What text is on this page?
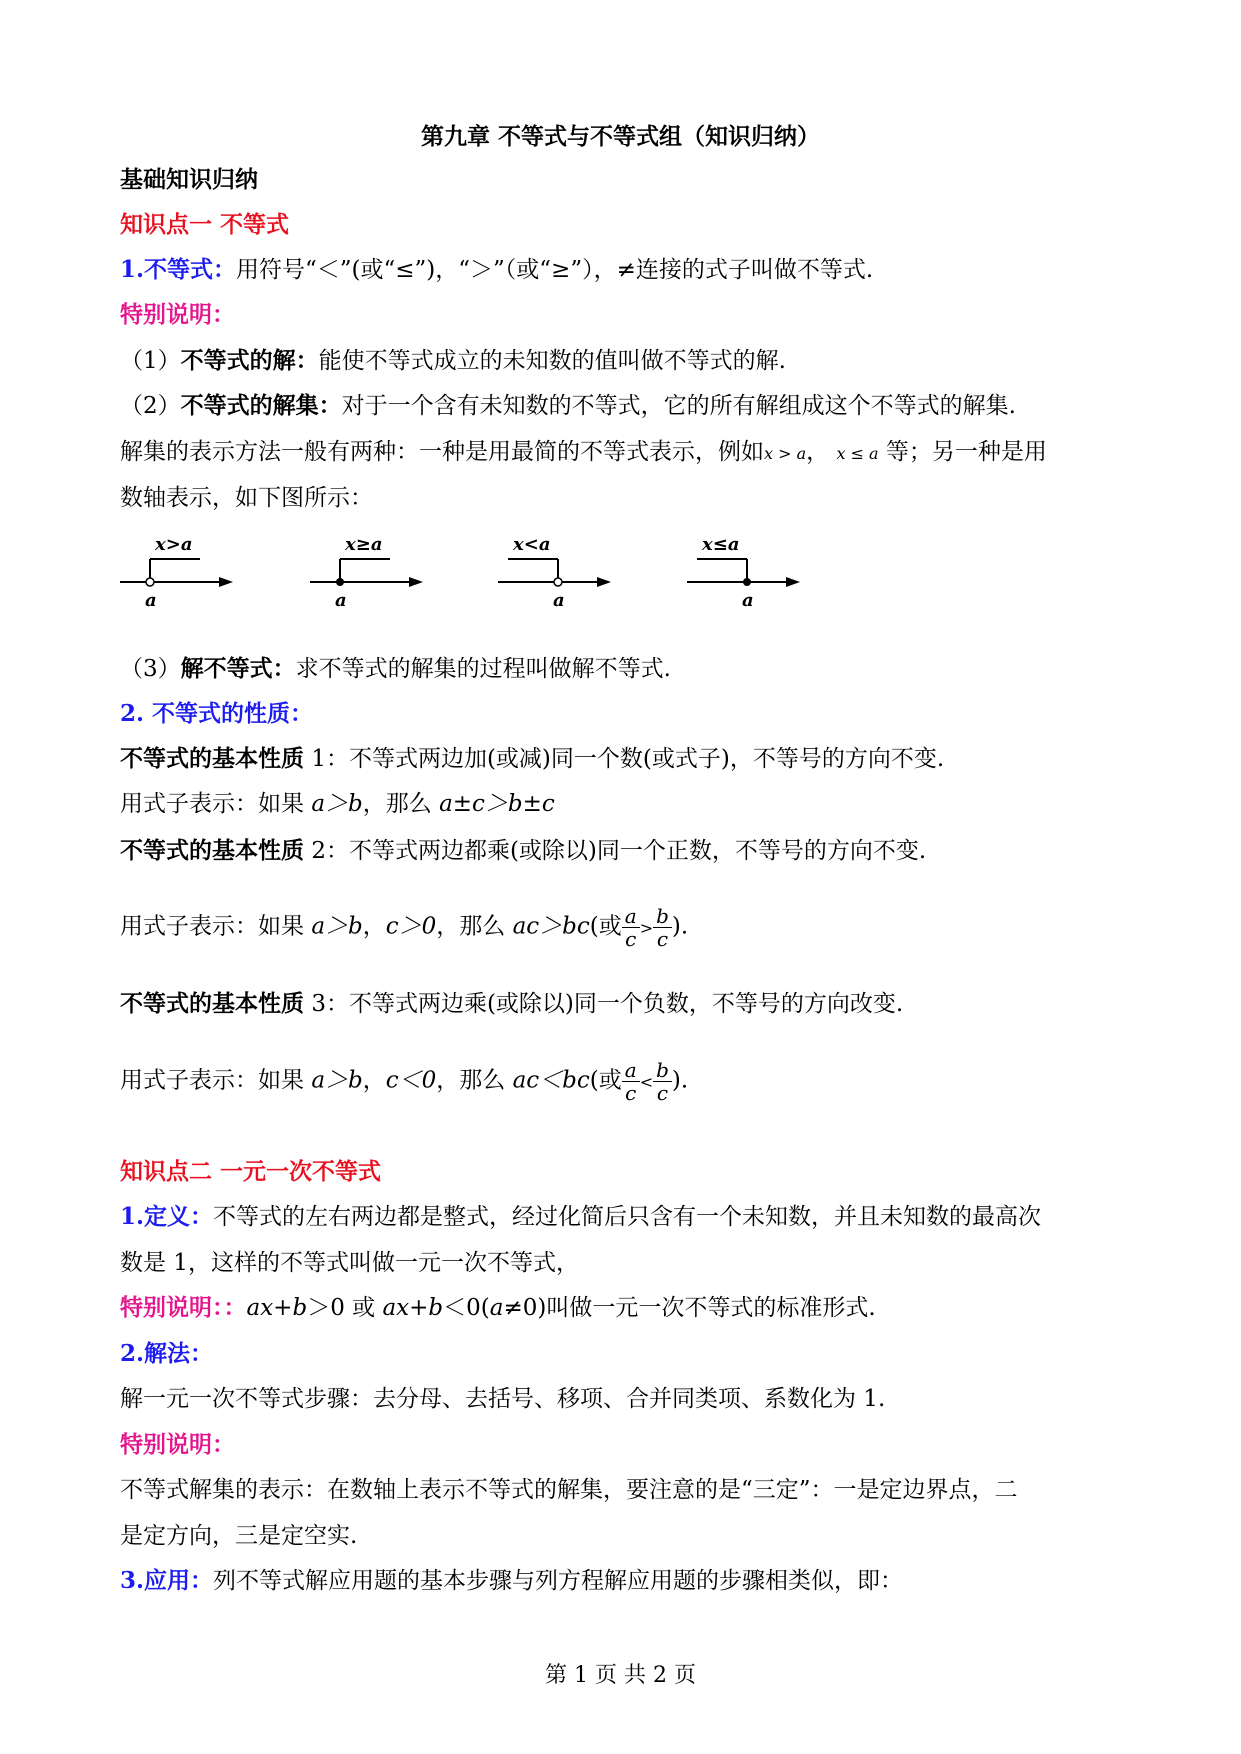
第九章 不等式与不等式组（知识归纳）
基础知识归纳
知识点一 不等式
1.不等式：用符号“＜”(或“≤”)，“＞”（或“≥”），≠连接的式子叫做不等式.
特别说明：
（1）不等式的解：能使不等式成立的未知数的值叫做不等式的解.
（2）不等式的解集：对于一个含有未知数的不等式，它的所有解组成这个不等式的解集.
解集的表示方法一般有两种：一种是用最简的不等式表示，例如x > a， x ≤ a 等；另一种是用
数轴表示，如下图所示：
x>a
a
x≥a
a
x<a
a
x≤a
a
（3）解不等式：求不等式的解集的过程叫做解不等式.
2. 不等式的性质：
不等式的基本性质 1：不等式两边加(或减)同一个数(或式子)，不等号的方向不变.
用式子表示：如果 a＞b，那么 a±c＞b±c
不等式的基本性质 2：不等式两边都乘(或除以)同一个正数，不等号的方向不变.
用式子表示：如果 a＞b，c＞0，那么 ac＞bc(或 $\frac{a}{c} > \frac{b}{c}$ ).
不等式的基本性质 3：不等式两边乘(或除以)同一个负数，不等号的方向改变.
用式子表示：如果 a＞b，c＜0，那么 ac＜bc(或 $\frac{a}{c} < \frac{b}{c}$ ).
知识点二 一元一次不等式
1.定义：不等式的左右两边都是整式，经过化简后只含有一个未知数，并且未知数的最高次
数是 1，这样的不等式叫做一元一次不等式，
特别说明：：ax+b＞0 或 ax+b＜0(a≠0)叫做一元一次不等式的标准形式.
2.解法：
解一元一次不等式步骤：去分母、去括号、移项、合并同类项、系数化为 1.
特别说明：
不等式解集的表示：在数轴上表示不等式的解集，要注意的是“三定”：一是定边界点，二
是定方向，三是定空实.
3.应用：列不等式解应用题的基本步骤与列方程解应用题的步骤相类似，即：
第 1 页 共 2 页
